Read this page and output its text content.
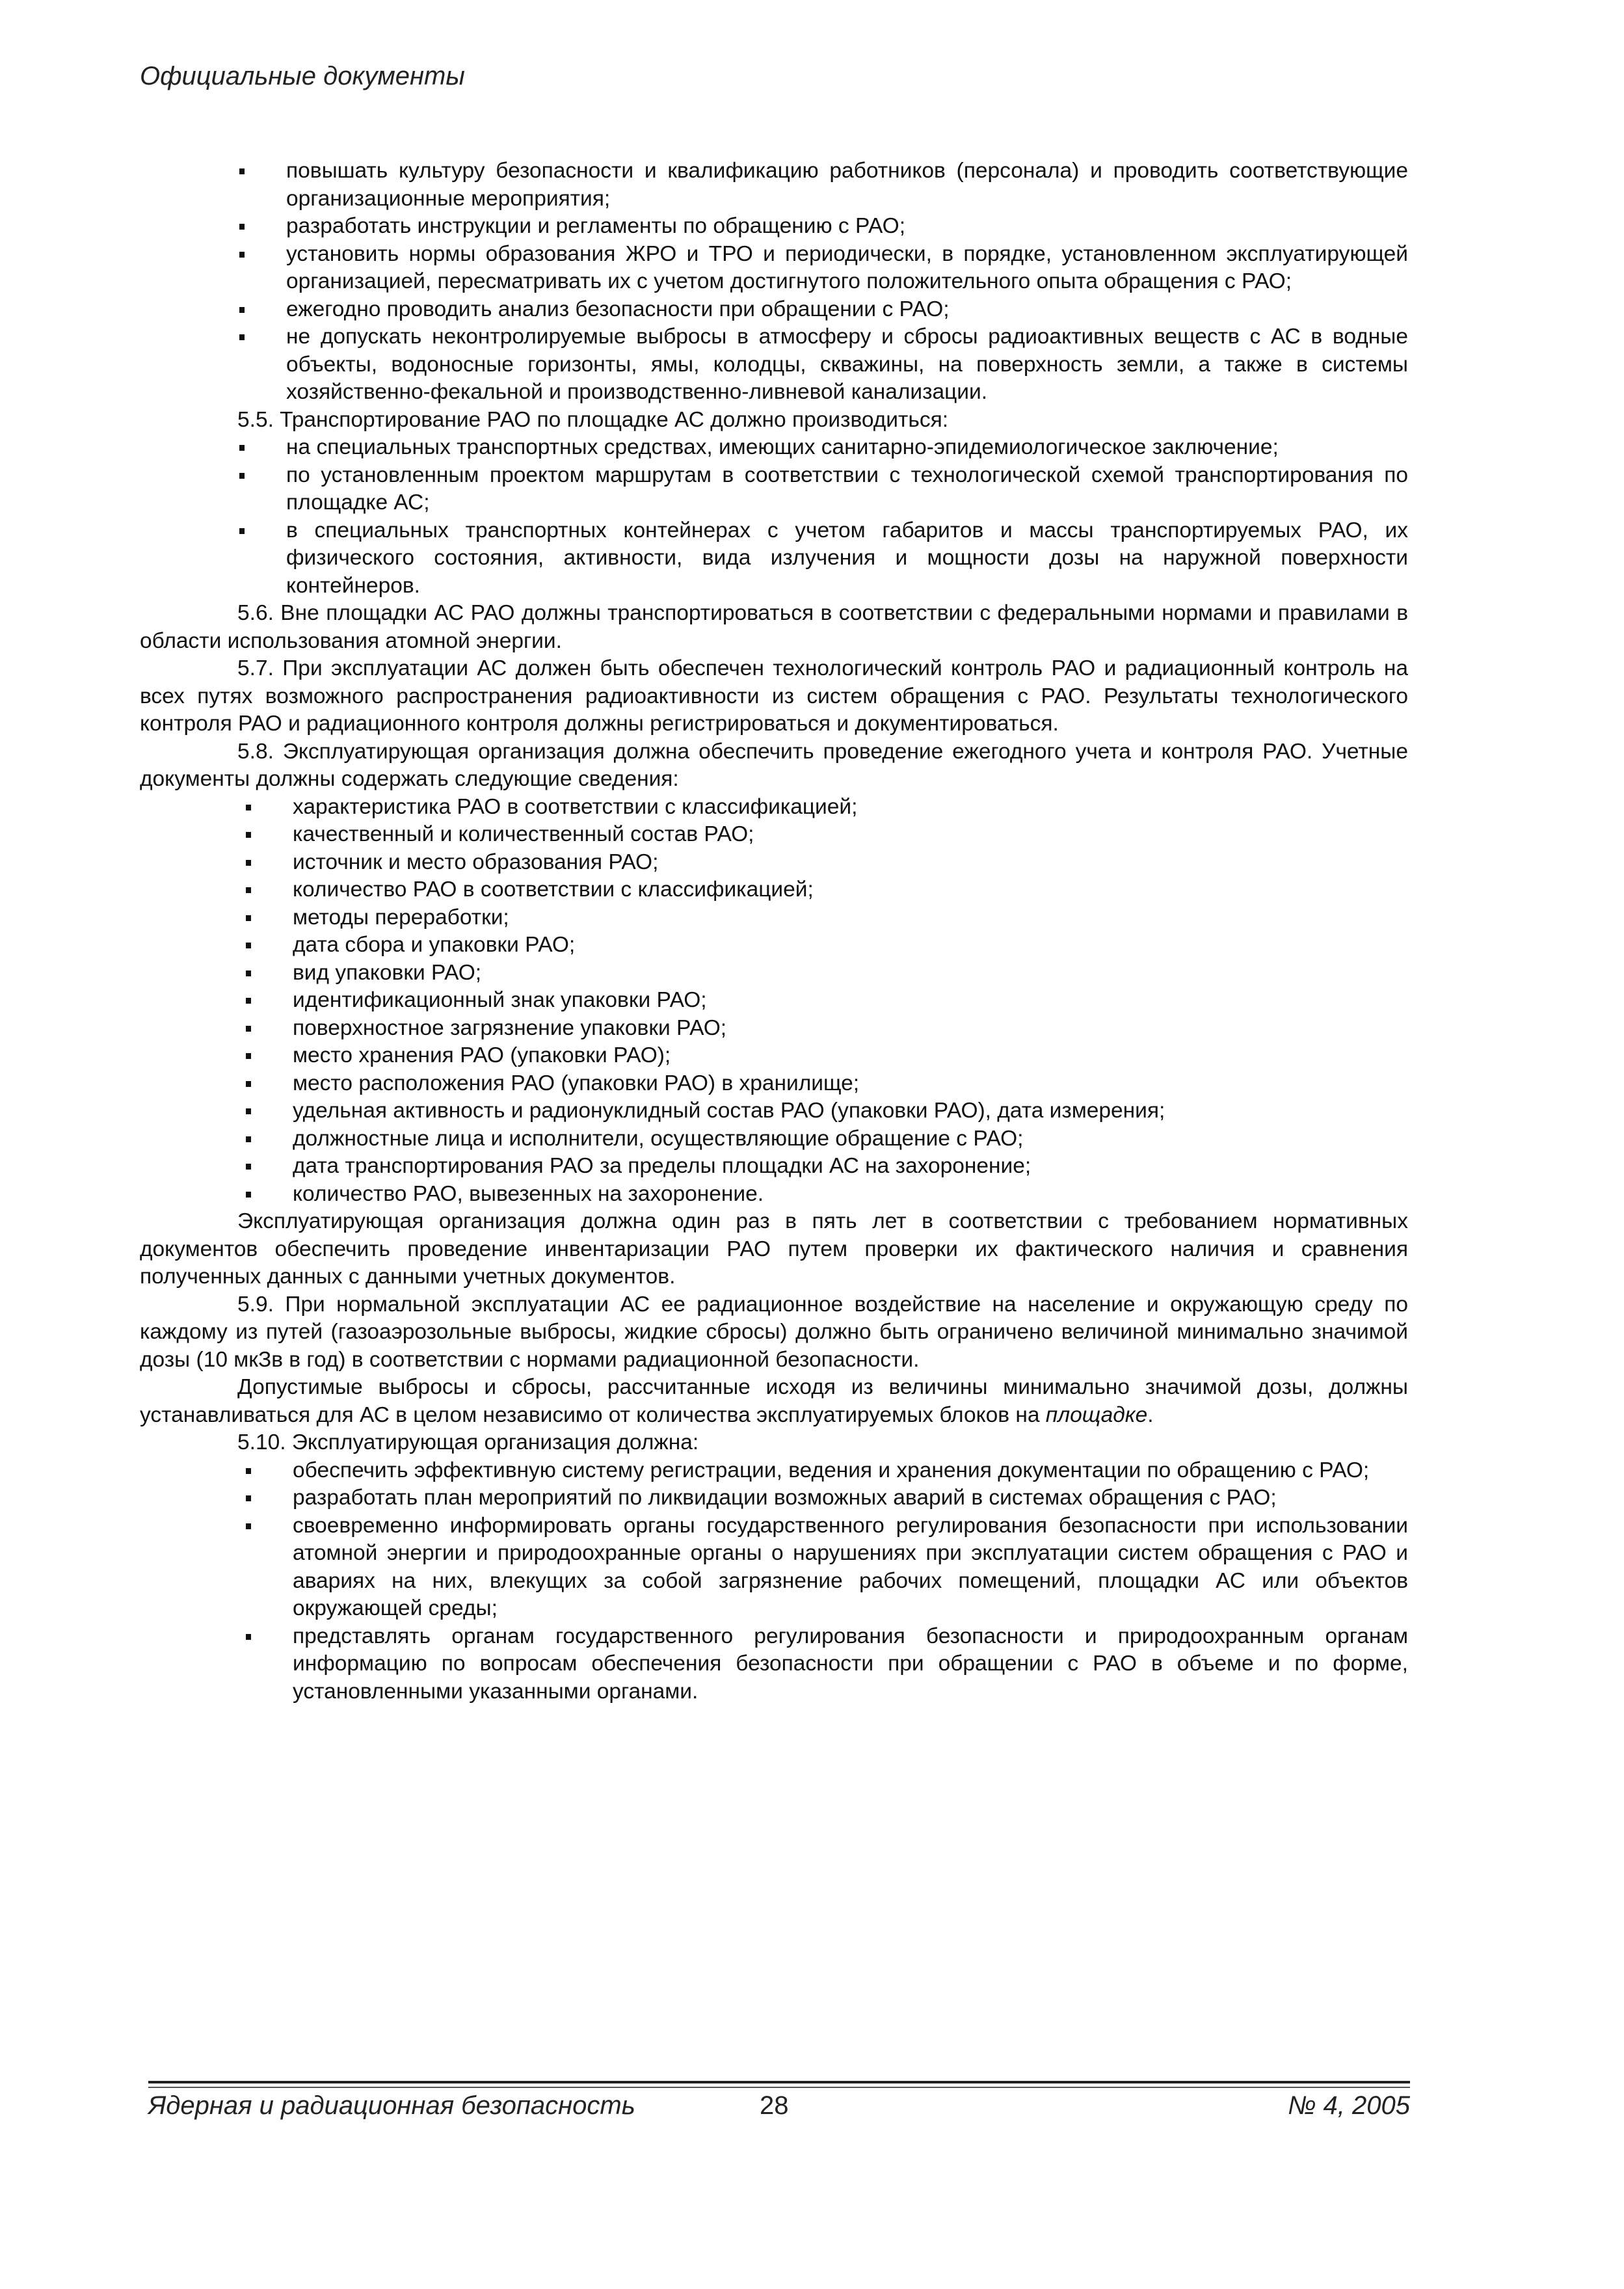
Официальные документы
повышать культуру безопасности и квалификацию работников (персонала) и проводить соответствующие организационные мероприятия;
разработать инструкции и регламенты по обращению с РАО;
установить нормы образования ЖРО и ТРО и периодически, в порядке, установленном эксплуатирующей организацией, пересматривать их с учетом достигнутого положительного опыта обращения с РАО;
ежегодно проводить анализ безопасности при обращении с РАО;
не допускать неконтролируемые выбросы в атмосферу и сбросы радиоактивных веществ с АС в водные объекты, водоносные горизонты, ямы, колодцы, скважины, на поверхность земли, а также в системы хозяйственно-фекальной и производственно-ливневой канализации.

5.5. Транспортирование РАО по площадке АС должно производиться:

на специальных транспортных средствах, имеющих санитарно-эпидемиологическое заключение;
по установленным проектом маршрутам в соответствии с технологической схемой транспортирования по площадке АС;
в специальных транспортных контейнерах с учетом габаритов и массы транспортируемых РАО, их физического состояния, активности, вида излучения и мощности дозы на наружной поверхности контейнеров.

5.6. Вне площадки АС РАО должны транспортироваться в соответствии с федеральными нормами и правилами в области использования атомной энергии.

5.7. При эксплуатации АС должен быть обеспечен технологический контроль РАО и радиационный контроль на всех путях возможного распространения радиоактивности из систем обращения с РАО. Результаты технологического контроля РАО и радиационного контроля должны регистрироваться и документироваться.

5.8. Эксплуатирующая организация должна обеспечить проведение ежегодного учета и контроля РАО. Учетные документы должны содержать следующие сведения:

характеристика РАО в соответствии с классификацией;
качественный и количественный состав РАО;
источник и место образования РАО;
количество РАО в соответствии с классификацией;
методы переработки;
дата сбора и упаковки РАО;
вид упаковки РАО;
идентификационный знак упаковки РАО;
поверхностное загрязнение упаковки РАО;
место хранения РАО (упаковки РАО);
место расположения РАО (упаковки РАО) в хранилище;
удельная активность и радионуклидный состав РАО (упаковки РАО), дата измерения;
должностные лица и исполнители, осуществляющие обращение с РАО;
дата транспортирования РАО за пределы площадки АС на захоронение;
количество РАО, вывезенных на захоронение.

Эксплуатирующая организация должна один раз в пять лет в соответствии с требованием нормативных документов обеспечить проведение инвентаризации РАО путем проверки их фактического наличия и сравнения полученных данных с данными учетных документов.

5.9. При нормальной эксплуатации АС ее радиационное воздействие на население и окружающую среду по каждому из путей (газоаэрозольные выбросы, жидкие сбросы) должно быть ограничено величиной минимально значимой дозы (10 мкЗв в год) в соответствии с нормами радиационной безопасности.

Допустимые выбросы и сбросы, рассчитанные исходя из величины минимально значимой дозы, должны устанавливаться для АС в целом независимо от количества эксплуатируемых блоков на площадке.

5.10. Эксплуатирующая организация должна:

обеспечить эффективную систему регистрации, ведения и хранения документации по обращению с РАО;
разработать план мероприятий по ликвидации возможных аварий в системах обращения с РАО;
своевременно информировать органы государственного регулирования безопасности при использовании атомной энергии и природоохранные органы о нарушениях при эксплуатации систем обращения с РАО и авариях на них, влекущих за собой загрязнение рабочих помещений, площадки АС или объектов окружающей среды;
представлять органам государственного регулирования безопасности и природоохранным органам информацию по вопросам обеспечения безопасности при обращении с РАО в объеме и по форме, установленными указанными органами.
Ядерная и радиационная безопасность	28	№ 4, 2005
